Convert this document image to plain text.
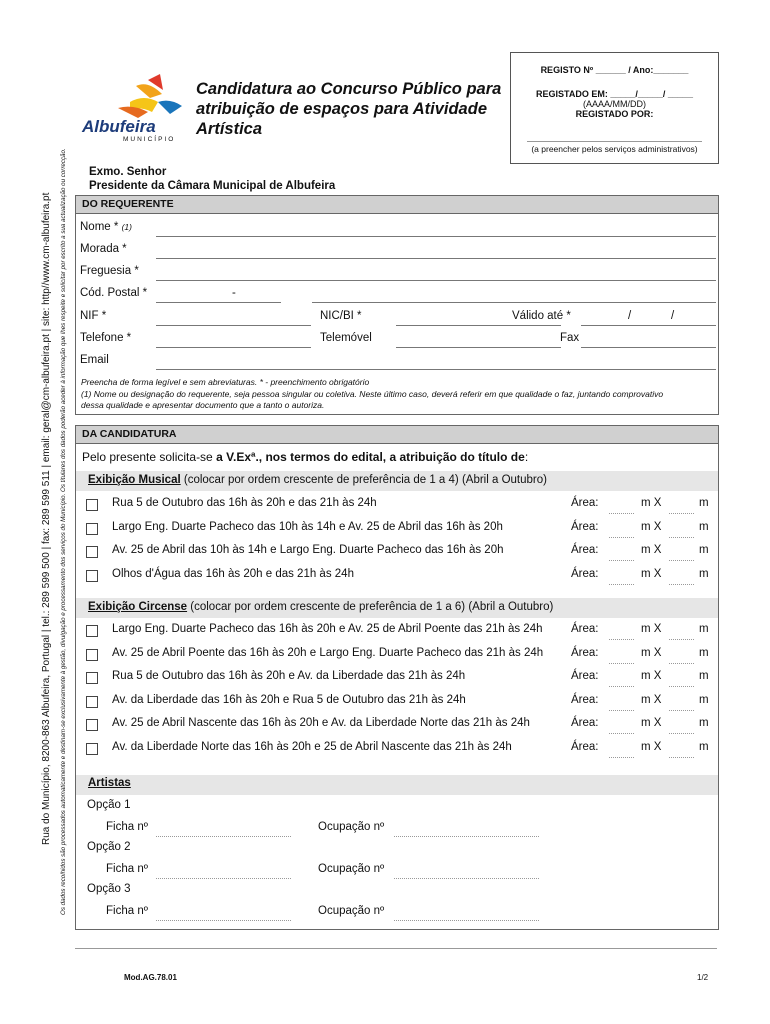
Rua do Município, 8200-863 Albufeira, Portugal | tel.: 289 599 500 | fax: 289 599 511 | email: geral@cm-albufeira.pt | site: http//www.cm-albufeira.pt Os dados recolhidos são processados automaticamente e destinam-se exclusivamente à gestão, divulgação e processamento dos serviços do Município. Os titulares dos dados poderão aceder à informação que lhes respeite e solicitar por escrito a sua actualização ou correcção.
Albufeira
MUNICÍPIO
Candidatura ao Concurso Público para
atribuição de espaços para Atividade
Artística
REGISTO Nº ______ / Ano:_______
REGISTADO EM: _____/_____/ _____
(AAAA/MM/DD)
REGISTADO POR:
(a preencher pelos serviços administrativos)
Exmo. Senhor
Presidente da Câmara Municipal de Albufeira
DO REQUERENTE
Nome * (1)
Morada *
Freguesia *
Cód. Postal *	-
NIF *	NIC/BI *	Válido até *	/	/
Telefone *	Telemóvel	Fax
Email
Preencha de forma legível e sem abreviaturas. * - preenchimento obrigatório
(1) Nome ou designação do requerente, seja pessoa singular ou coletiva. Neste último caso, deverá referir em que qualidade o faz, juntando comprovativo
dessa qualidade e apresentar documento que a tanto o autoriza.
DA CANDIDATURA
Pelo presente solicita-se a V.Exª., nos termos do edital, a atribuição do título de:
Exibição Musical (colocar por ordem crescente de preferência de 1 a 4) (Abril a Outubro)
Rua 5 de Outubro das 16h às 20h e das 21h às 24h	Área:	m X	m
Largo Eng. Duarte Pacheco das 10h às 14h e Av. 25 de Abril das 16h às 20h	Área:	m X	m
Av. 25 de Abril das 10h às 14h e Largo Eng. Duarte Pacheco das 16h às 20h	Área:	m X	m
Olhos d'Água das 16h às 20h e das 21h às 24h	Área:	m X	m
Exibição Circense (colocar por ordem crescente de preferência de 1 a 6) (Abril a Outubro)
Largo Eng. Duarte Pacheco das 16h às 20h e Av. 25 de Abril Poente das 21h às 24h Área:	m X	m
Av. 25 de Abril Poente das 16h às 20h e Largo Eng. Duarte Pacheco das 21h às 24h Área:	m X	m
Rua 5 de Outubro das 16h às 20h e Av. da Liberdade das 21h às 24h	Área:	m X	m
Av. da Liberdade das 16h às 20h e Rua 5 de Outubro das 21h às 24h	Área:	m X	m
Av. 25 de Abril Nascente das 16h às 20h e Av. da Liberdade Norte das 21h às 24h	Área:	m X	m
Av. da Liberdade Norte das 16h às 20h e 25 de Abril Nascente das 21h às 24h	Área:	m X	m
Artistas
Opção 1
Ficha nº	Ocupação nº
Opção 2
Ficha nº	Ocupação nº
Opção 3
Ficha nº	Ocupação nº
Mod.AG.78.01	1/2
